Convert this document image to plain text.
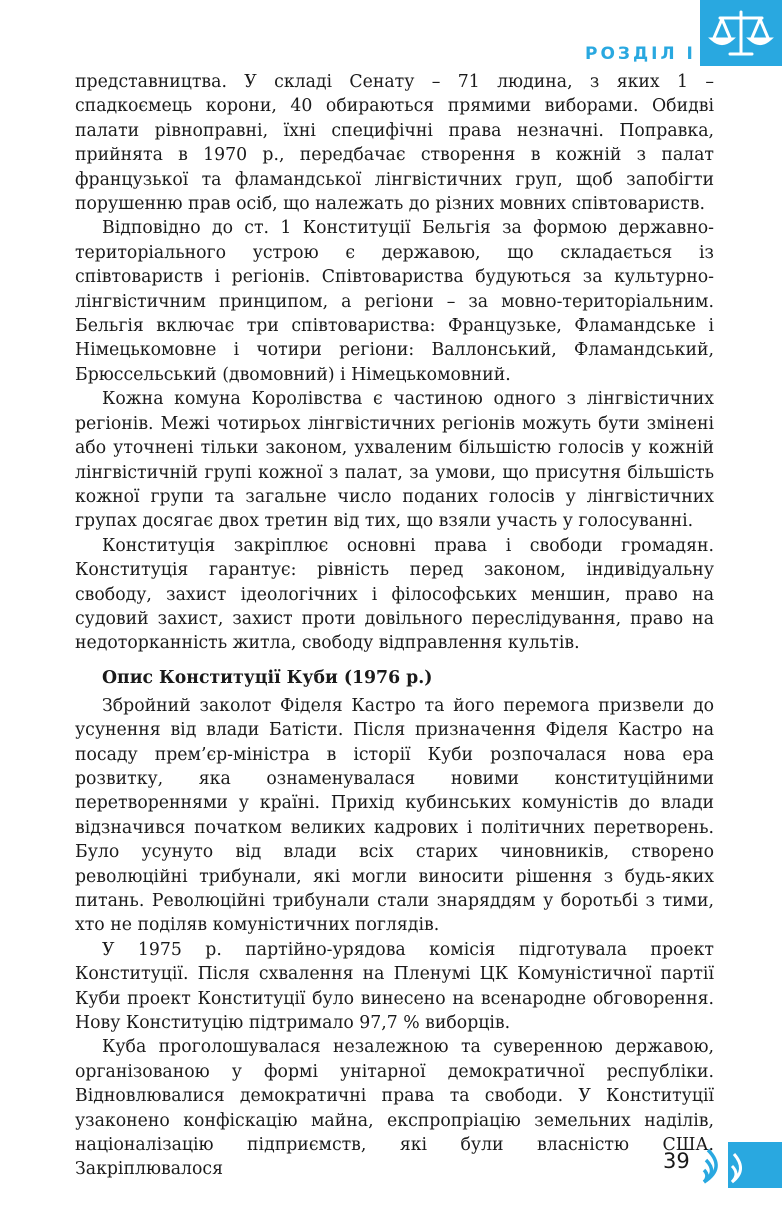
РОЗДІЛ І

представництва. У складі Сенату – 71 людина, з яких 1 – спадкоємець корони, 40 обираються прямими виборами. Обидві палати рівноправні, їхні специфічні права незначні. Поправка, прийнята в 1970 р., передбачає створення в кожній з палат французької та фламандської лінгвістичних груп, щоб запобігти порушенню прав осіб, що належать до різних мовних співтовариств.

Відповідно до ст. 1 Конституції Бельгія за формою державно-територіального устрою є державою, що складається із співтовариств і регіонів. Співтовариства будуються за культурно-лінгвістичним принципом, а регіони – за мовно-територіальним. Бельгія включає три співтовариства: Французьке, Фламандське і Німецькомовне і чотири регіони: Валлонський, Фламандський, Брюссельський (двомовний) і Німецькомовний.

Кожна комуна Королівства є частиною одного з лінгвістичних регіонів. Межі чотирьох лінгвістичних регіонів можуть бути змінені або уточнені тільки законом, ухваленим більшістю голосів у кожній лінгвістичній групі кожної з палат, за умови, що присутня більшість кожної групи та загальне число поданих голосів у лінгвістичних групах досягає двох третин від тих, що взяли участь у голосуванні.

Конституція закріплює основні права і свободи громадян. Конституція гарантує: рівність перед законом, індивідуальну свободу, захист ідеологічних і філософських меншин, право на судовий захист, захист проти довільного переслідування, право на недоторканність житла, свободу відправлення культів.

Опис Конституції Куби (1976 р.)

Збройний заколот Фіделя Кастро та його перемога призвели до усунення від влади Батісти. Після призначення Фіделя Кастро на посаду прем’єр-міністра в історії Куби розпочалася нова ера розвитку, яка ознаменувалася новими конституційними перетвореннями у країні. Прихід кубинських комуністів до влади відзначився початком великих кадрових і політичних перетворень. Було усунуто від влади всіх старих чиновників, створено революційні трибунали, які могли виносити рішення з будь-яких питань. Революційні трибунали стали знаряддям у боротьбі з тими, хто не поділяв комуністичних поглядів.

У 1975 р. партійно-урядова комісія підготувала проект Конституції. Після схвалення на Пленумі ЦК Комуністичної партії Куби проект Конституції було винесено на всенародне обговорення. Нову Конституцію підтримало 97,7 % виборців.

Куба проголошувалася незалежною та суверенною державою, організованою у формі унітарної демократичної республіки. Відновлювалися демократичні права та свободи. У Конституції узаконено конфіскацію майна, експропріацію земельних наділів, націоналізацію підприємств, які були власністю США. Закріплювалося	39
